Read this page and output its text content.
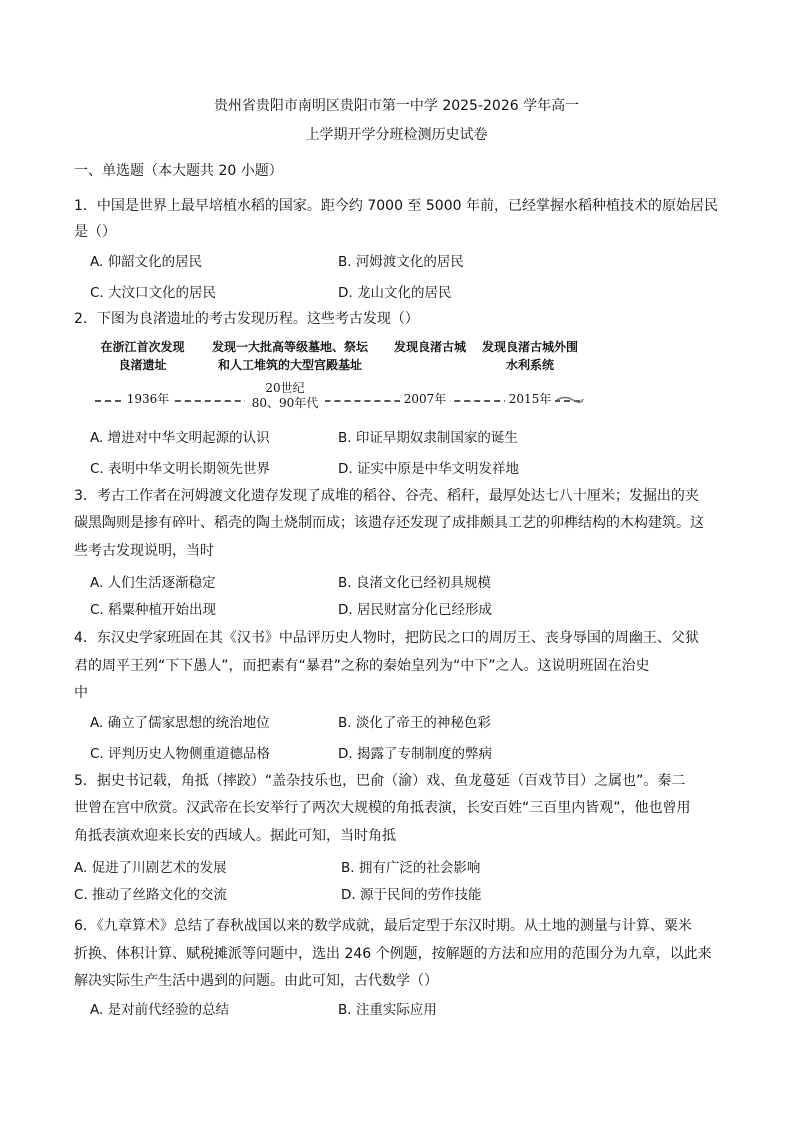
贵州省贵阳市南明区贵阳市第一中学 2025-2026 学年高一
上学期开学分班检测历史试卷
一、单选题（本大题共 20 小题）
1．中国是世界上最早培植水稻的国家。距今约 7000 至 5000 年前，已经掌握水稻种植技术的原始居民
是（）
A. 仰韶文化的居民	B. 河姆渡文化的居民
C. 大汶口文化的居民	D. 龙山文化的居民
2．下图为良渚遗址的考古发现历程。这些考古发现（）
在浙江首次发现
良渚遗址
发现一大批高等级墓地、祭坛
和人工堆筑的大型宫殿基址
发现良渚古城	发现良渚古城外围
水利系统
1936年
20世纪
80、90年代	2007年	2015年
A. 增进对中华文明起源的认识	B. 印证早期奴隶制国家的诞生
C. 表明中华文明长期领先世界	D. 证实中原是中华文明发祥地
3．考古工作者在河姆渡文化遗存发现了成堆的稻谷、谷壳、稻秆，最厚处达七八十厘米；发掘出的夹
碳黑陶则是掺有碎叶、稻壳的陶土烧制而成；该遗存还发现了成排颇具工艺的卯榫结构的木构建筑。这
些考古发现说明，当时
A. 人们生活逐渐稳定	B. 良渚文化已经初具规模
C. 稻粟种植开始出现	D. 居民财富分化已经形成
4．东汉史学家班固在其《汉书》中品评历史人物时，把防民之口的周厉王、丧身辱国的周幽王、父狱
君的周平王列“下下愚人”，而把素有“暴君”之称的秦始皇列为“中下”之人。这说明班固在治史
中
A. 确立了儒家思想的统治地位	B. 淡化了帝王的神秘色彩
C. 评判历史人物侧重道德品格	D. 揭露了专制制度的弊病
5．据史书记载，角抵（摔跤）“盖杂技乐也，巴俞（渝）戏、鱼龙蔓延（百戏节目）之属也”。秦二
世曾在宫中欣赏。汉武帝在长安举行了两次大规模的角抵表演，长安百姓“三百里内皆观”，他也曾用
角抵表演欢迎来长安的西域人。据此可知，当时角抵
A. 促进了川剧艺术的发展	B. 拥有广泛的社会影响
C. 推动了丝路文化的交流	D. 源于民间的劳作技能
6．《九章算术》总结了春秋战国以来的数学成就，最后定型于东汉时期。从土地的测量与计算、粟米
折换、体积计算、赋税摊派等问题中，选出 246 个例题，按解题的方法和应用的范围分为九章，以此来
解决实际生产生活中遇到的问题。由此可知，古代数学（）
A. 是对前代经验的总结	B. 注重实际应用
